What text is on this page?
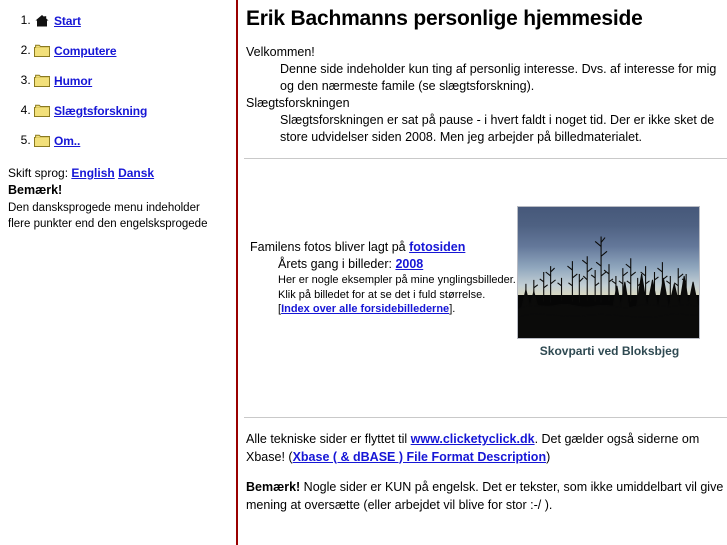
1. Start
2. Computere
3. Humor
4. Slægtsforskning
5. Om..
Skift sprog: English Dansk
Bemærk!
Den dansksprogede menu indeholder flere punkter end den engelsksprogede
Erik Bachmanns personlige hjemmeside
Velkommen!
Denne side indeholder kun ting af personlig interesse. Dvs. af interesse for mig og den nærmeste famile (se slægtsforskning).
Slægtsforskningen
Slægtsforskningen er sat på pause - i hvert faldt i noget tid. Der er ikke sket de store udvidelser siden 2008. Men jeg arbejder på billedmaterialet.
Familens fotos bliver lagt på fotosiden
Årets gang i billeder: 2008
Her er nogle eksempler på mine ynglingsbilleder. Klik på billedet for at se det i fuld størrelse.
[Index over alle forsidebillederne].
Skovparti ved Bloksbjeg

Alle tekniske sider er flyttet til www.clicketyclick.dk. Det gælder også siderne om Xbase! (Xbase ( & dBASE ) File Format Description)

Bemærk! Nogle sider er KUN på engelsk. Det er tekster, som ikke umiddelbart vil give mening at oversætte (eller arbejdet vil blive for stor :-/ ).
